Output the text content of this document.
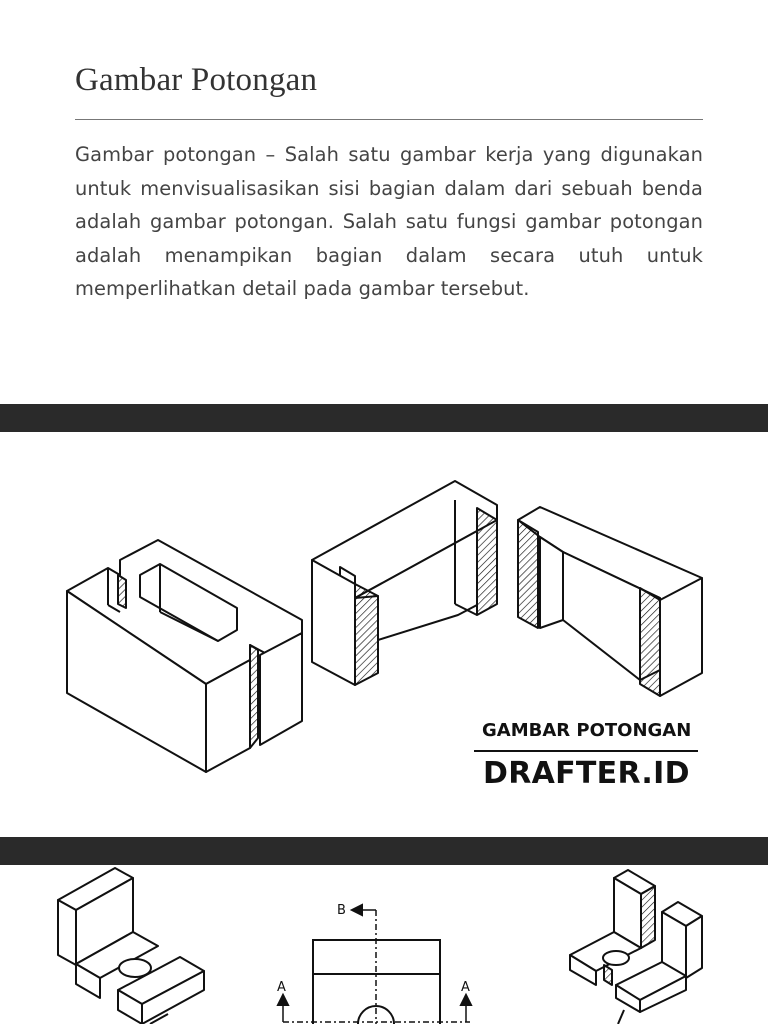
Gambar Potongan

Gambar potongan – Salah satu gambar kerja yang digunakan untuk menvisualisasikan sisi bagian dalam dari sebuah benda adalah gambar potongan. Salah satu fungsi gambar potongan adalah menampikan bagian dalam secara utuh untuk memperlihatkan detail pada gambar tersebut.

GAMBAR POTONGAN
DRAFTER.ID
B
A	A
